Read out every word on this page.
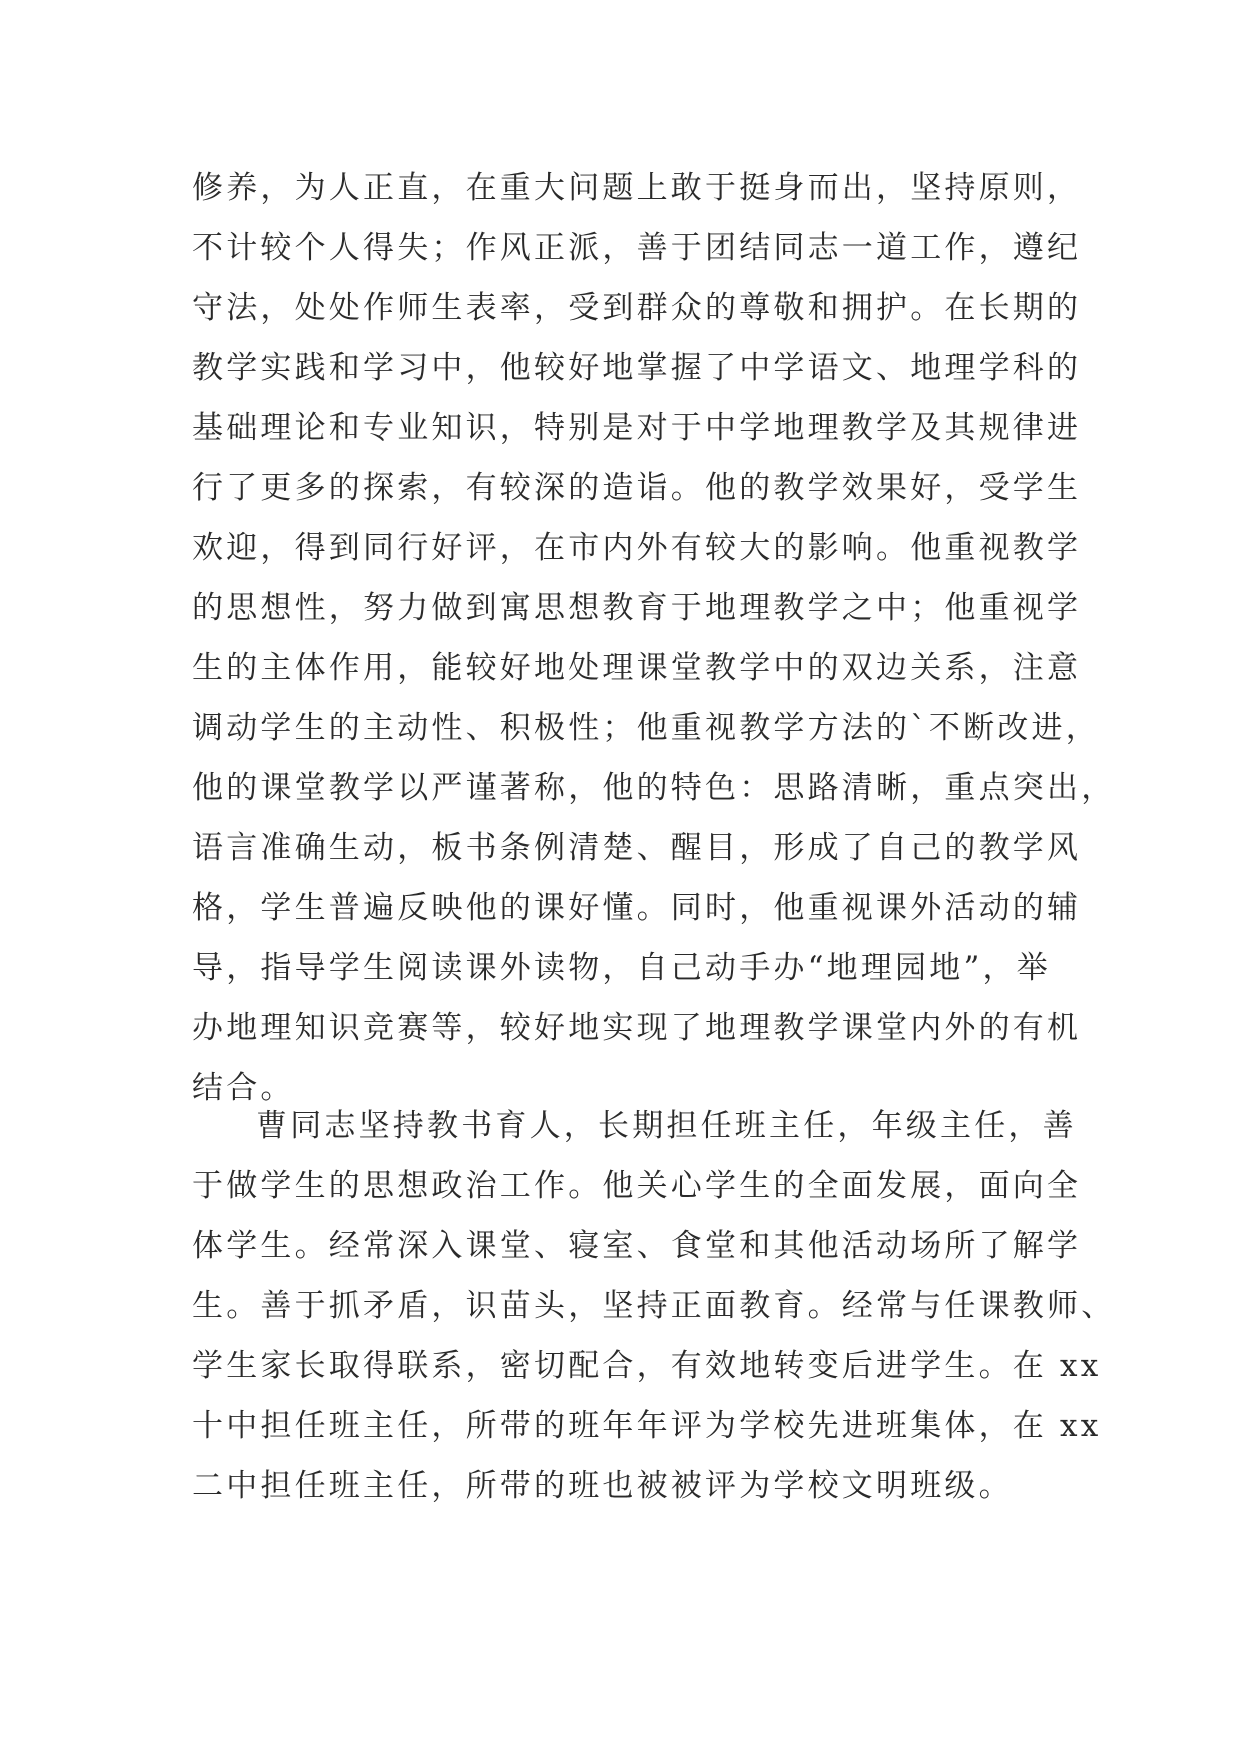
修养，为人正直，在重大问题上敢于挺身而出，坚持原则，
不计较个人得失；作风正派，善于团结同志一道工作，遵纪
守法，处处作师生表率，受到群众的尊敬和拥护。在长期的
教学实践和学习中，他较好地掌握了中学语文、地理学科的
基础理论和专业知识，特别是对于中学地理教学及其规律进
行了更多的探索，有较深的造诣。他的教学效果好，受学生
欢迎，得到同行好评，在市内外有较大的影响。他重视教学
的思想性，努力做到寓思想教育于地理教学之中；他重视学
生的主体作用，能较好地处理课堂教学中的双边关系，注意
调动学生的主动性、积极性；他重视教学方法的`不断改进，
他的课堂教学以严谨著称，他的特色：思路清晰，重点突出，
语言准确生动，板书条例清楚、醒目，形成了自己的教学风
格，学生普遍反映他的课好懂。同时，他重视课外活动的辅
导，指导学生阅读课外读物，自己动手办“地理园地”，举
办地理知识竞赛等，较好地实现了地理教学课堂内外的有机
结合。
曹同志坚持教书育人，长期担任班主任，年级主任，善
于做学生的思想政治工作。他关心学生的全面发展，面向全
体学生。经常深入课堂、寝室、食堂和其他活动场所了解学
生。善于抓矛盾，识苗头，坚持正面教育。经常与任课教师、
学生家长取得联系，密切配合，有效地转变后进学生。在 xx
十中担任班主任，所带的班年年评为学校先进班集体，在 xx
二中担任班主任，所带的班也被被评为学校文明班级。
